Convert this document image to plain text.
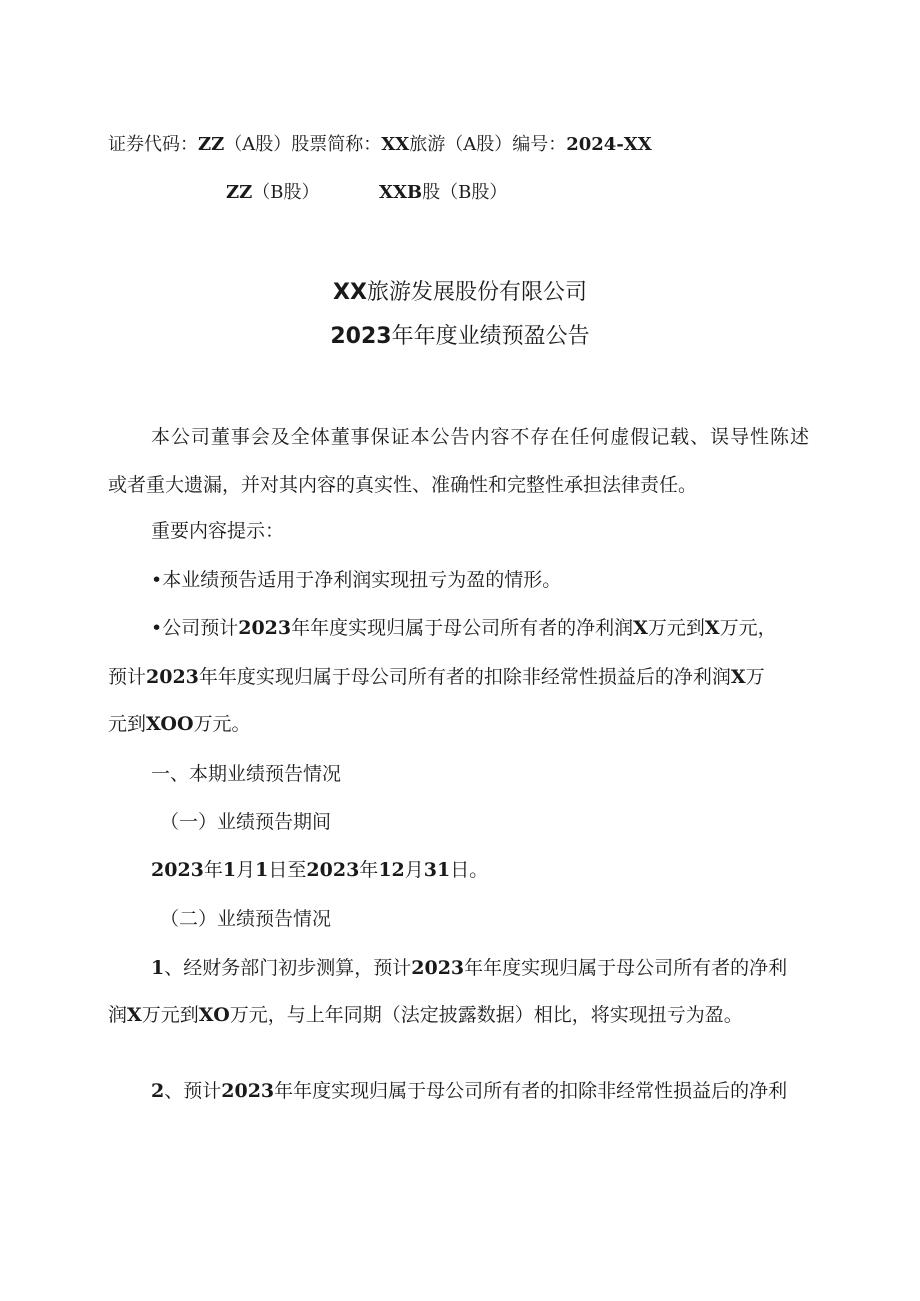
证券代码：ZZ（A股）股票简称：XX旅游（A股）编号：2024-XX
ZZ（B股）	XXB股（B股）
XX旅游发展股份有限公司
2023年年度业绩预盈公告
本公司董事会及全体董事保证本公告内容不存在任何虚假记载、误导性陈述
或者重大遗漏，并对其内容的真实性、准确性和完整性承担法律责任。
重要内容提示：
•本业绩预告适用于净利润实现扭亏为盈的情形。
•公司预计2023年年度实现归属于母公司所有者的净利润X万元到X万元，
预计2023年年度实现归属于母公司所有者的扣除非经常性损益后的净利润X万
元到XOO万元。
一、本期业绩预告情况
（一）业绩预告期间
2023年1月1日至2023年12月31日。
（二）业绩预告情况
1、经财务部门初步测算，预计2023年年度实现归属于母公司所有者的净利
润X万元到XO万元，与上年同期（法定披露数据）相比，将实现扭亏为盈。
2、预计2023年年度实现归属于母公司所有者的扣除非经常性损益后的净利
